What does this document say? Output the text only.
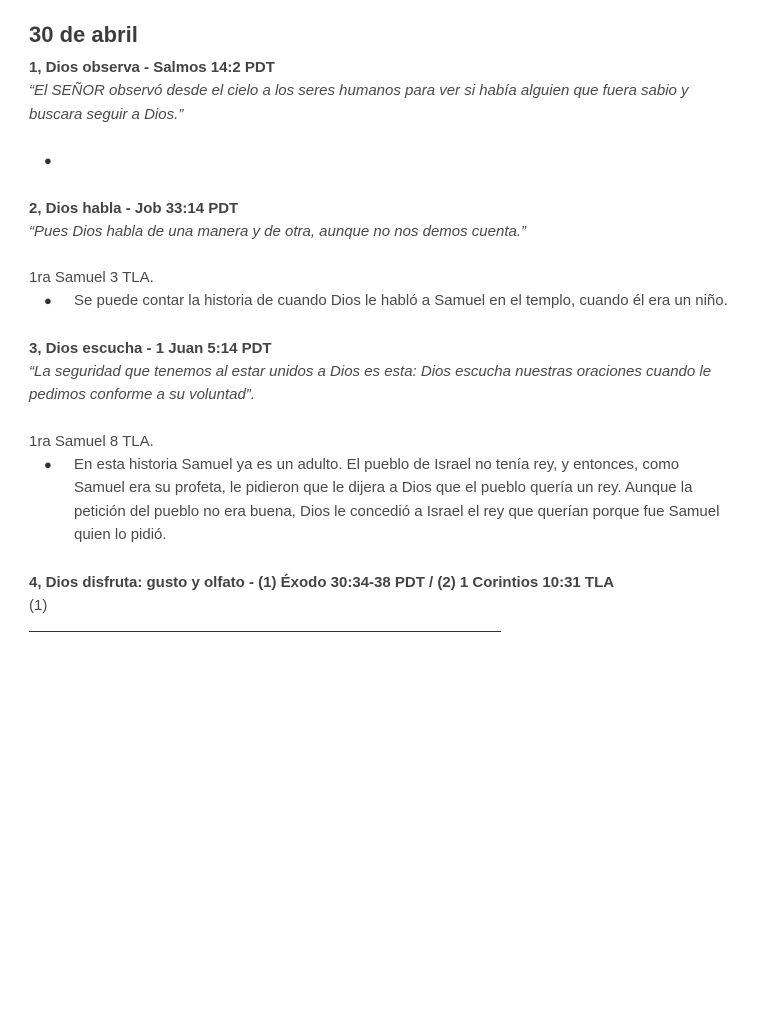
30 de abril

1, Dios observa - Salmos 14:2 PDT

“El SEÑOR observó desde el cielo a los seres humanos para ver si había alguien que fuera sabio y buscara seguir a Dios.”

●

2, Dios habla - Job 33:14 PDT

“Pues Dios habla de una manera y de otra, aunque no nos demos cuenta.”

1ra Samuel 3 TLA.

●	Se puede contar la historia de cuando Dios le habló a Samuel en el templo, cuando él era un niño.

3, Dios escucha - 1 Juan 5:14 PDT

“La seguridad que tenemos al estar unidos a Dios es esta: Dios escucha nuestras oraciones cuando le pedimos conforme a su voluntad”.

1ra Samuel 8 TLA.

●	En esta historia Samuel ya es un adulto. El pueblo de Israel no tenía rey, y entonces, como Samuel era su profeta, le pidieron que le dijera a Dios que el pueblo quería un rey. Aunque la petición del pueblo no era buena, Dios le concedió a Israel el rey que querían porque fue Samuel quien lo pidió.

4, Dios disfruta: gusto y olfato - (1) Éxodo 30:34-38 PDT / (2) 1 Corintios 10:31 TLA

(1)
